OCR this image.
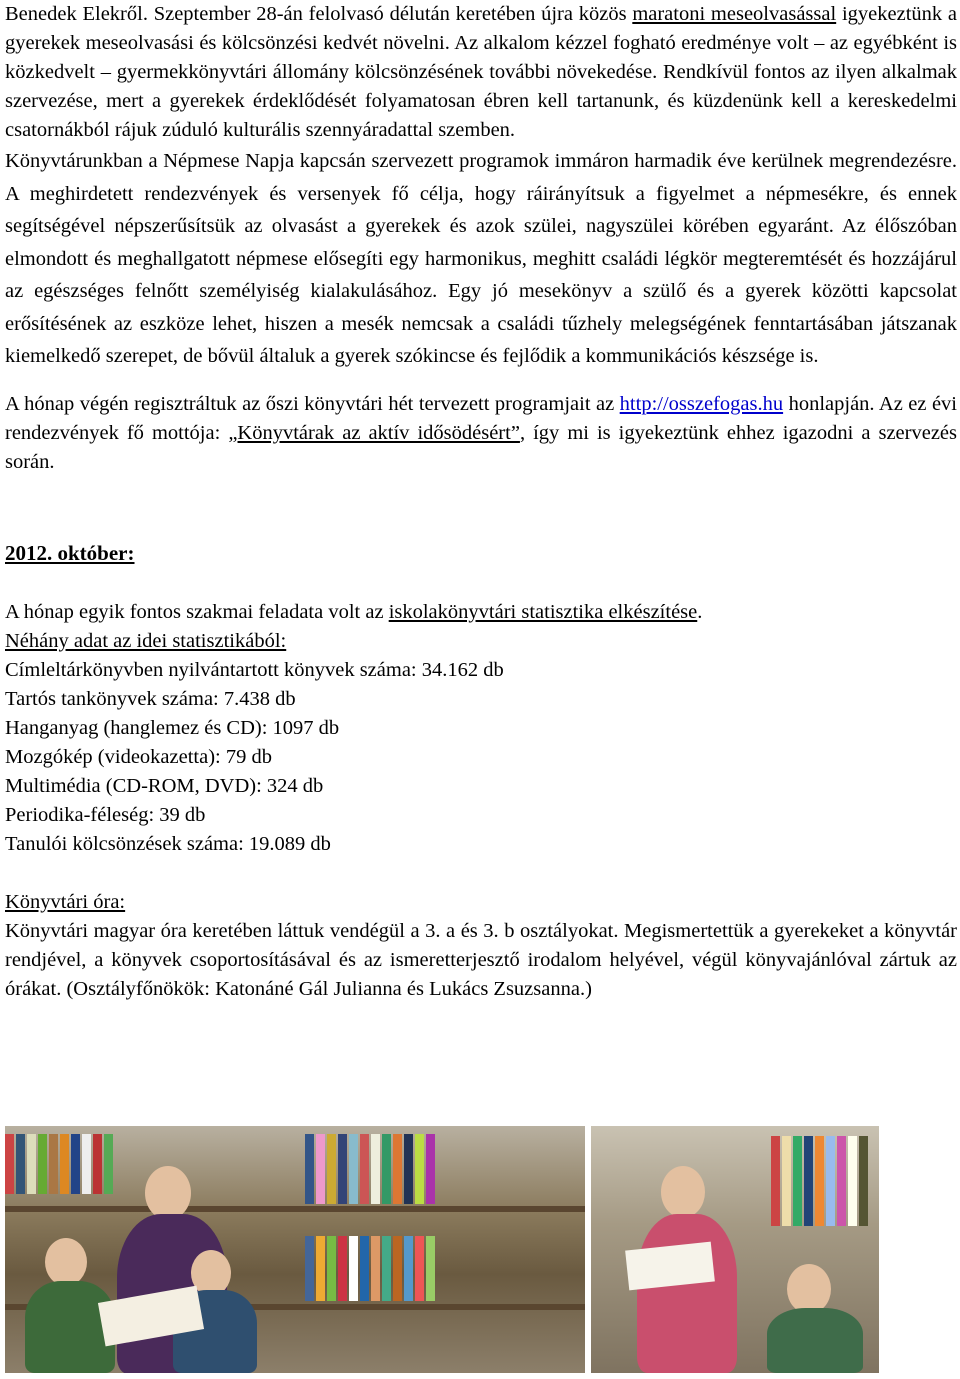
Benedek Elekről. Szeptember 28-án felolvasó délután keretében újra közös maratoni meseolvasással igyekeztünk a gyerekek meseolvasási és kölcsönzési kedvét növelni. Az alkalom kézzel fogható eredménye volt – az egyébként is közkedvelt – gyermekkönyvtári állomány kölcsönzésének további növekedése. Rendkívül fontos az ilyen alkalmak szervezése, mert a gyerekek érdeklődését folyamatosan ébren kell tartanunk, és küzdenünk kell a kereskedelmi csatornákból rájuk zúduló kulturális szennyáradattal szemben.

Könyvtárunkban a Népmese Napja kapcsán szervezett programok immáron harmadik éve kerülnek megrendezésre. A meghirdetett rendezvények és versenyek fő célja, hogy ráirányítsuk a figyelmet a népmesékre, és ennek segítségével népszerűsítsük az olvasást a gyerekek és azok szülei, nagyszülei körében egyaránt. Az élőszóban elmondott és meghallgatott népmese elősegíti egy harmonikus, meghitt családi légkör megteremtését és hozzájárul az egészséges felnőtt személyiség kialakulásához. Egy jó mesekönyv a szülő és a gyerek közötti kapcsolat erősítésének az eszköze lehet, hiszen a mesék nemcsak a családi tűzhely melegségének fenntartásában játszanak kiemelkedő szerepet, de bővül általuk a gyerek szókincse és fejlődik a kommunikációs készsége is.

A hónap végén regisztráltuk az őszi könyvtári hét tervezett programjait az http://osszefogas.hu honlapján. Az ez évi rendezvények fő mottója: „Könyvtárak az aktív idősödésért”, így mi is igyekeztünk ehhez igazodni a szervezés során.

2012. október:
A hónap egyik fontos szakmai feladata volt az iskolakönyvtári statisztika elkészítése.
Néhány adat az idei statisztikából:
Címleltárkönyvben nyilvántartott könyvek száma: 34.162 db
Tartós tankönyvek száma: 7.438 db
Hanganyag (hanglemez és CD): 1097 db
Mozgókép (videokazetta): 79 db
Multimédia (CD-ROM, DVD): 324 db
Periodika-féleség: 39 db
Tanulói kölcsönzések száma: 19.089 db
Könyvtári óra:

Könyvtári magyar óra keretében láttuk vendégül a 3. a és 3. b osztályokat. Megismertettük a gyerekeket a könyvtár rendjével, a könyvek csoportosításával és az ismeretterjesztő irodalom helyével, végül könyvajánlóval zártuk az órákat. (Osztályfőnökök: Katonáné Gál Julianna és Lukács Zsuzsanna.)
